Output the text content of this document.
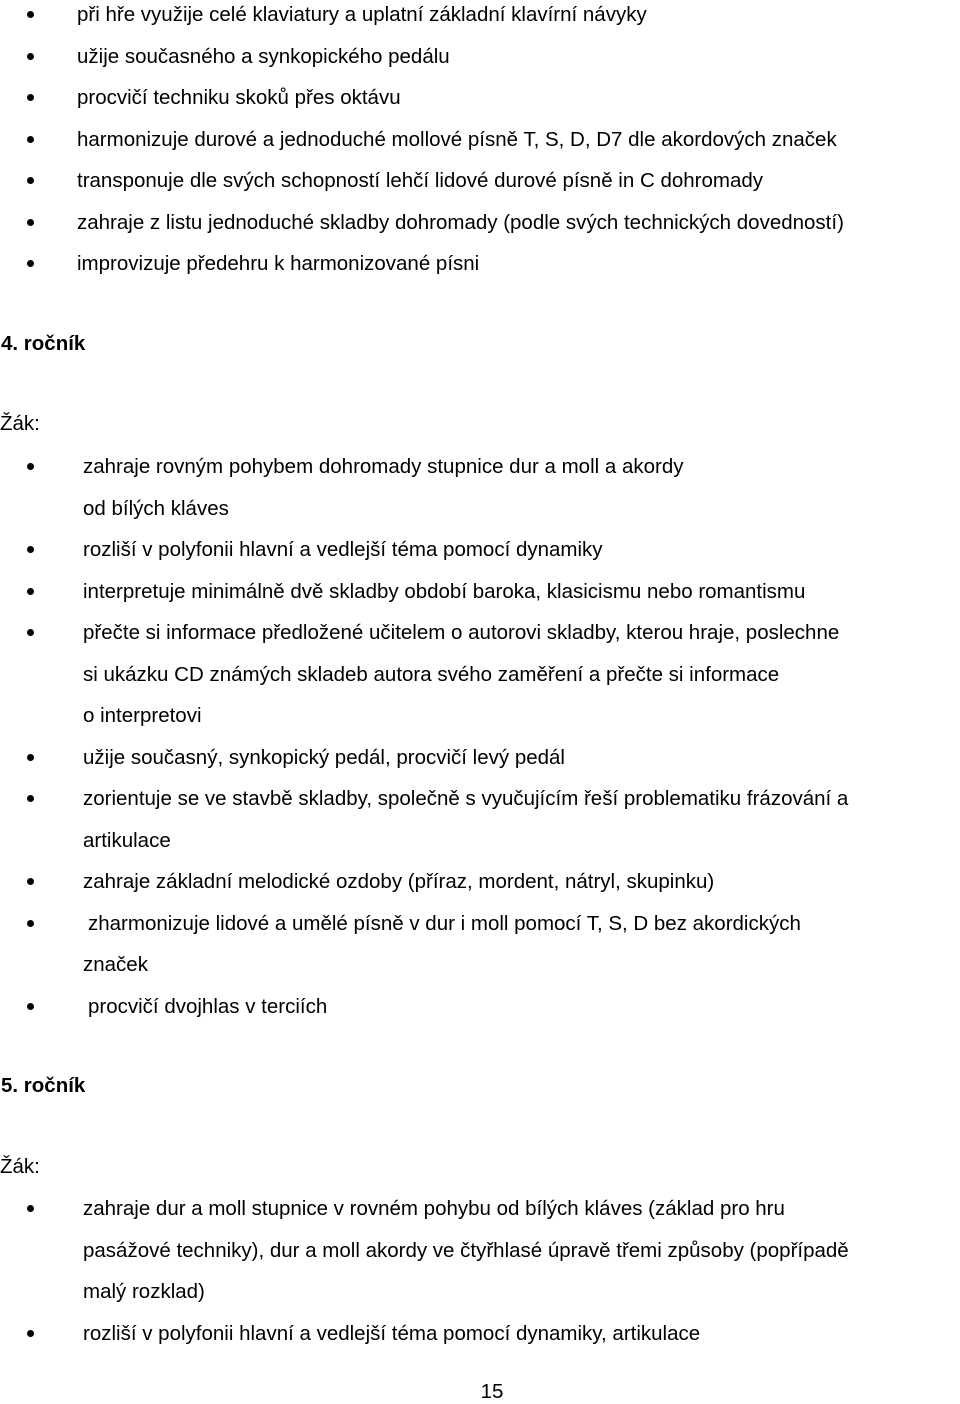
při hře využije celé klaviatury a uplatní základní klavírní návyky
užije současného a synkopického pedálu
procvičí techniku skoků přes oktávu
harmonizuje durové a jednoduché mollové písně T, S, D, D7 dle akordových značek
transponuje dle svých schopností lehčí lidové durové písně in C dohromady
zahraje z listu jednoduché skladby dohromady (podle svých technických dovedností)
improvizuje předehru k harmonizované písni
4. ročník
Žák:
zahraje rovným pohybem dohromady stupnice dur a moll a akordy
od bílých kláves
rozliší v polyfonii hlavní a vedlejší téma pomocí dynamiky
interpretuje minimálně dvě skladby období baroka, klasicismu nebo romantismu
přečte si informace předložené učitelem o autorovi skladby, kterou hraje, poslechne
si ukázku CD známých skladeb autora svého zaměření a přečte si informace
o interpretovi
užije současný, synkopický pedál, procvičí levý pedál
zorientuje se ve stavbě skladby, společně s vyučujícím řeší problematiku frázování a
artikulace
zahraje základní melodické ozdoby (příraz, mordent, nátryl, skupinku)
zharmonizuje lidové a umělé písně v dur i moll pomocí T, S, D bez akordických
značek
procvičí dvojhlas v terciích
5. ročník
Žák:
zahraje dur a moll stupnice v rovném pohybu od bílých kláves (základ pro hru
pasážové techniky), dur a moll akordy ve čtyřhlasé úpravě třemi způsoby (popřípadě
malý rozklad)
rozliší v polyfonii hlavní a vedlejší téma pomocí dynamiky, artikulace
15
